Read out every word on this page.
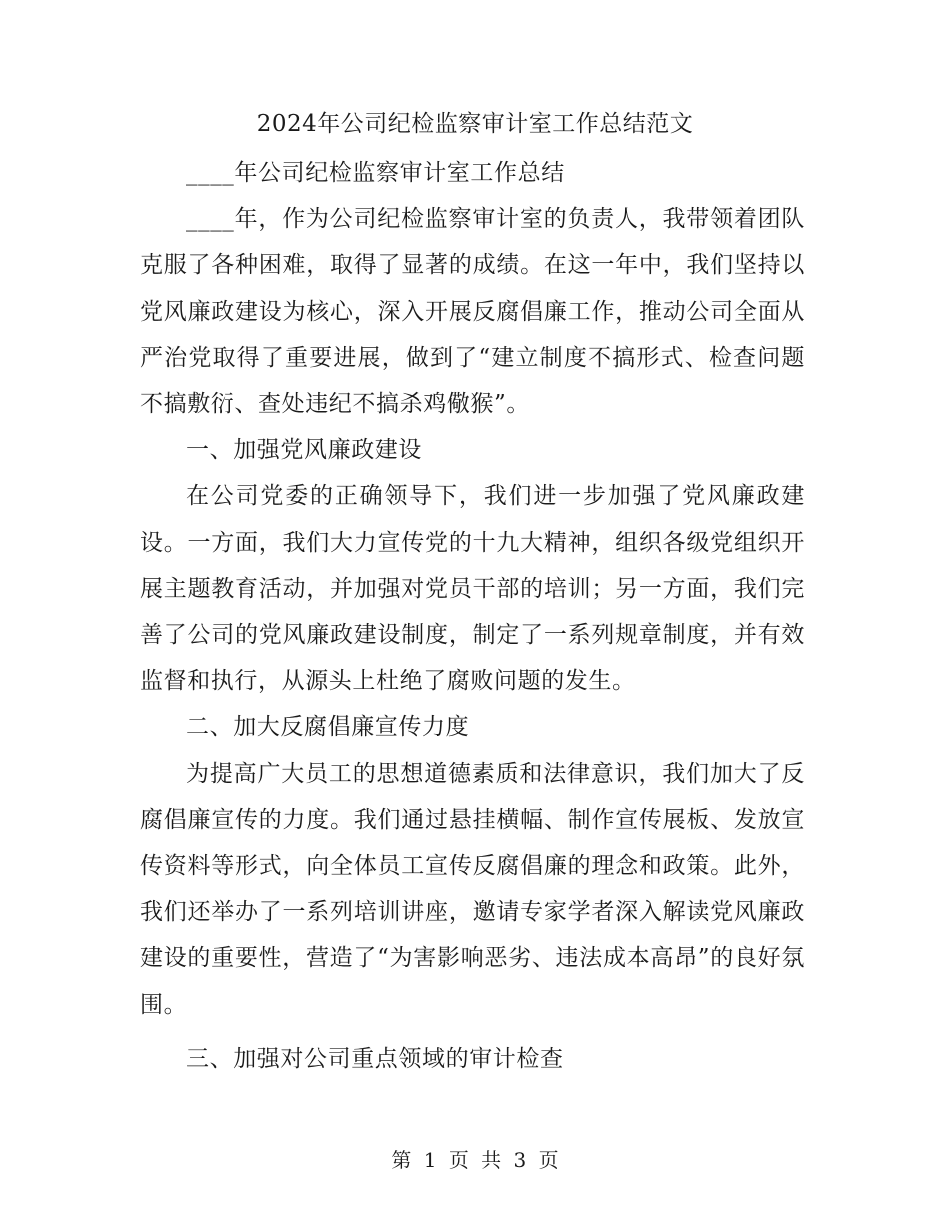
2024年公司纪检监察审计室工作总结范文

____年公司纪检监察审计室工作总结

____年，作为公司纪检监察审计室的负责人，我带领着团队克服了各种困难，取得了显著的成绩。在这一年中，我们坚持以党风廉政建设为核心，深入开展反腐倡廉工作，推动公司全面从严治党取得了重要进展，做到了“建立制度不搞形式、检查问题不搞敷衍、查处违纪不搞杀鸡儆猴”。

一、加强党风廉政建设

在公司党委的正确领导下，我们进一步加强了党风廉政建设。一方面，我们大力宣传党的十九大精神，组织各级党组织开展主题教育活动，并加强对党员干部的培训；另一方面，我们完善了公司的党风廉政建设制度，制定了一系列规章制度，并有效监督和执行，从源头上杜绝了腐败问题的发生。

二、加大反腐倡廉宣传力度

为提高广大员工的思想道德素质和法律意识，我们加大了反腐倡廉宣传的力度。我们通过悬挂横幅、制作宣传展板、发放宣传资料等形式，向全体员工宣传反腐倡廉的理念和政策。此外，我们还举办了一系列培训讲座，邀请专家学者深入解读党风廉政建设的重要性，营造了“为害影响恶劣、违法成本高昂”的良好氛围。

三、加强对公司重点领域的审计检查

第 1 页 共 3 页
